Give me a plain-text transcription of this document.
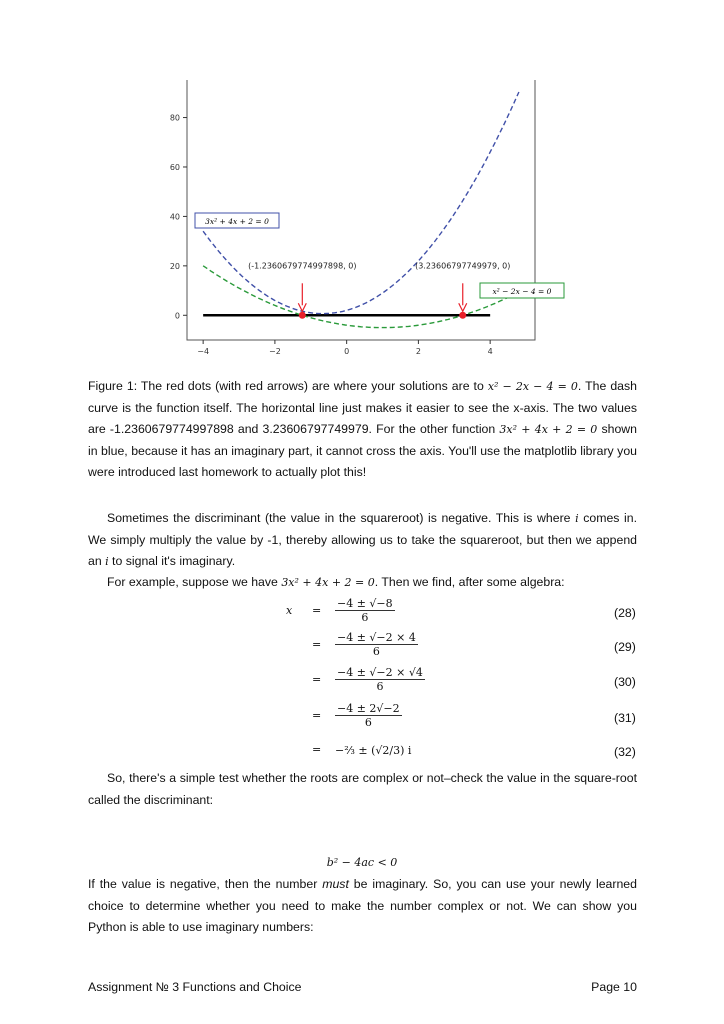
−4	−2	0	2	4
0
20
40
60
80
3x² + 4x + 2 = 0
x² − 2x − 4 = 0
(-1.2360679774997898, 0)	(3.23606797749979, 0)
Figure 1: The red dots (with red arrows) are where your solutions are to x² − 2x − 4 = 0. The dash curve is the function itself. The horizontal line just makes it easier to see the x-axis. The two values are -1.2360679774997898 and 3.23606797749979. For the other function 3x² + 4x + 2 = 0 shown in blue, because it has an imaginary part, it cannot cross the axis. You'll use the matplotlib library you were introduced last homework to actually plot this!
Sometimes the discriminant (the value in the squareroot) is negative. This is where i comes in. We simply multiply the value by -1, thereby allowing us to take the squareroot, but then we append an i to signal it's imaginary.
For example, suppose we have 3x² + 4x + 2 = 0. Then we find, after some algebra:
$x = \frac{-4 \pm √-8}{6}$	(28)
= $\frac{-4 \pm √-2 \times 4}{6}$	(29)
= $\frac{-4 \pm √-2 \times √4}{6}$	(30)
= $\frac{-4 \pm 2√-2}{6}$	(31)
= −⅔ ± (√2/3) i	(32)
So, there's a simple test whether the roots are complex or not–check the value in the square-root called the discriminant:
b² − 4ac < 0
If the value is negative, then the number must be imaginary. So, you can use your newly learned choice to determine whether you need to make the number complex or not. We can show you Python is able to use imaginary numbers:
Assignment № 3 Functions and Choice	Page 10
